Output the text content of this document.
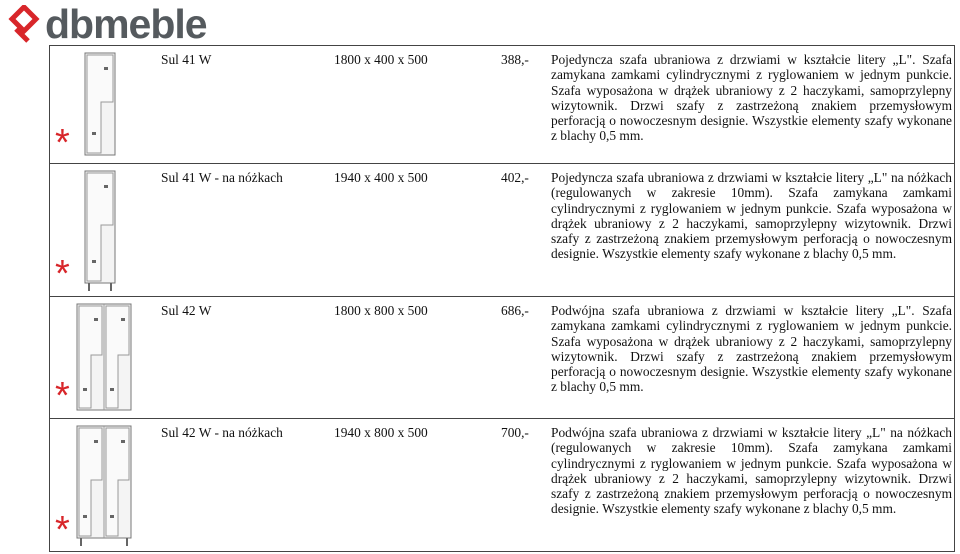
dbmeble
*	Sul 41 W	1800 x 400 x 500	388,-	Pojedyncza szafa ubraniowa z drzwiami w kształcie litery „L". Szafa zamykana zamkami cylindrycznymi z ryglowaniem w jednym punkcie. Szafa wyposażona w drążek ubraniowy z 2 haczykami, samoprzylepny wizytownik. Drzwi szafy z zastrzeżoną znakiem przemysłowym perforacją o nowoczesnym designie. Wszystkie elementy szafy wykonane z blachy 0,5 mm.

*	Sul 41 W - na nóżkach	1940 x 400 x 500	402,-	Pojedyncza szafa ubraniowa z drzwiami w kształcie litery „L" na nóżkach (regulowanych w zakresie 10mm). Szafa zamykana zamkami cylindrycznymi z ryglowaniem w jednym punkcie. Szafa wyposażona w drążek ubraniowy z 2 haczykami, samoprzylepny wizytownik. Drzwi szafy z zastrzeżoną znakiem przemysłowym perforacją o nowoczesnym designie. Wszystkie elementy szafy wykonane z blachy 0,5 mm.

*	Sul 42 W	1800 x 800 x 500	686,-	Podwójna szafa ubraniowa z drzwiami w kształcie litery „L". Szafa zamykana zamkami cylindrycznymi z ryglowaniem w jednym punkcie. Szafa wyposażona w drążek ubraniowy z 2 haczykami, samoprzylepny wizytownik. Drzwi szafy z zastrzeżoną znakiem przemysłowym perforacją o nowoczesnym designie. Wszystkie elementy szafy wykonane z blachy 0,5 mm.

*	Sul 42 W - na nóżkach	1940 x 800 x 500	700,-	Podwójna szafa ubraniowa z drzwiami w kształcie litery „L" na nóżkach (regulowanych w zakresie 10mm). Szafa zamykana zamkami cylindrycznymi z ryglowaniem w jednym punkcie. Szafa wyposażona w drążek ubraniowy z 2 haczykami, samoprzylepny wizytownik. Drzwi szafy z zastrzeżoną znakiem przemysłowym perforacją o nowoczesnym designie. Wszystkie elementy szafy wykonane z blachy 0,5 mm.
